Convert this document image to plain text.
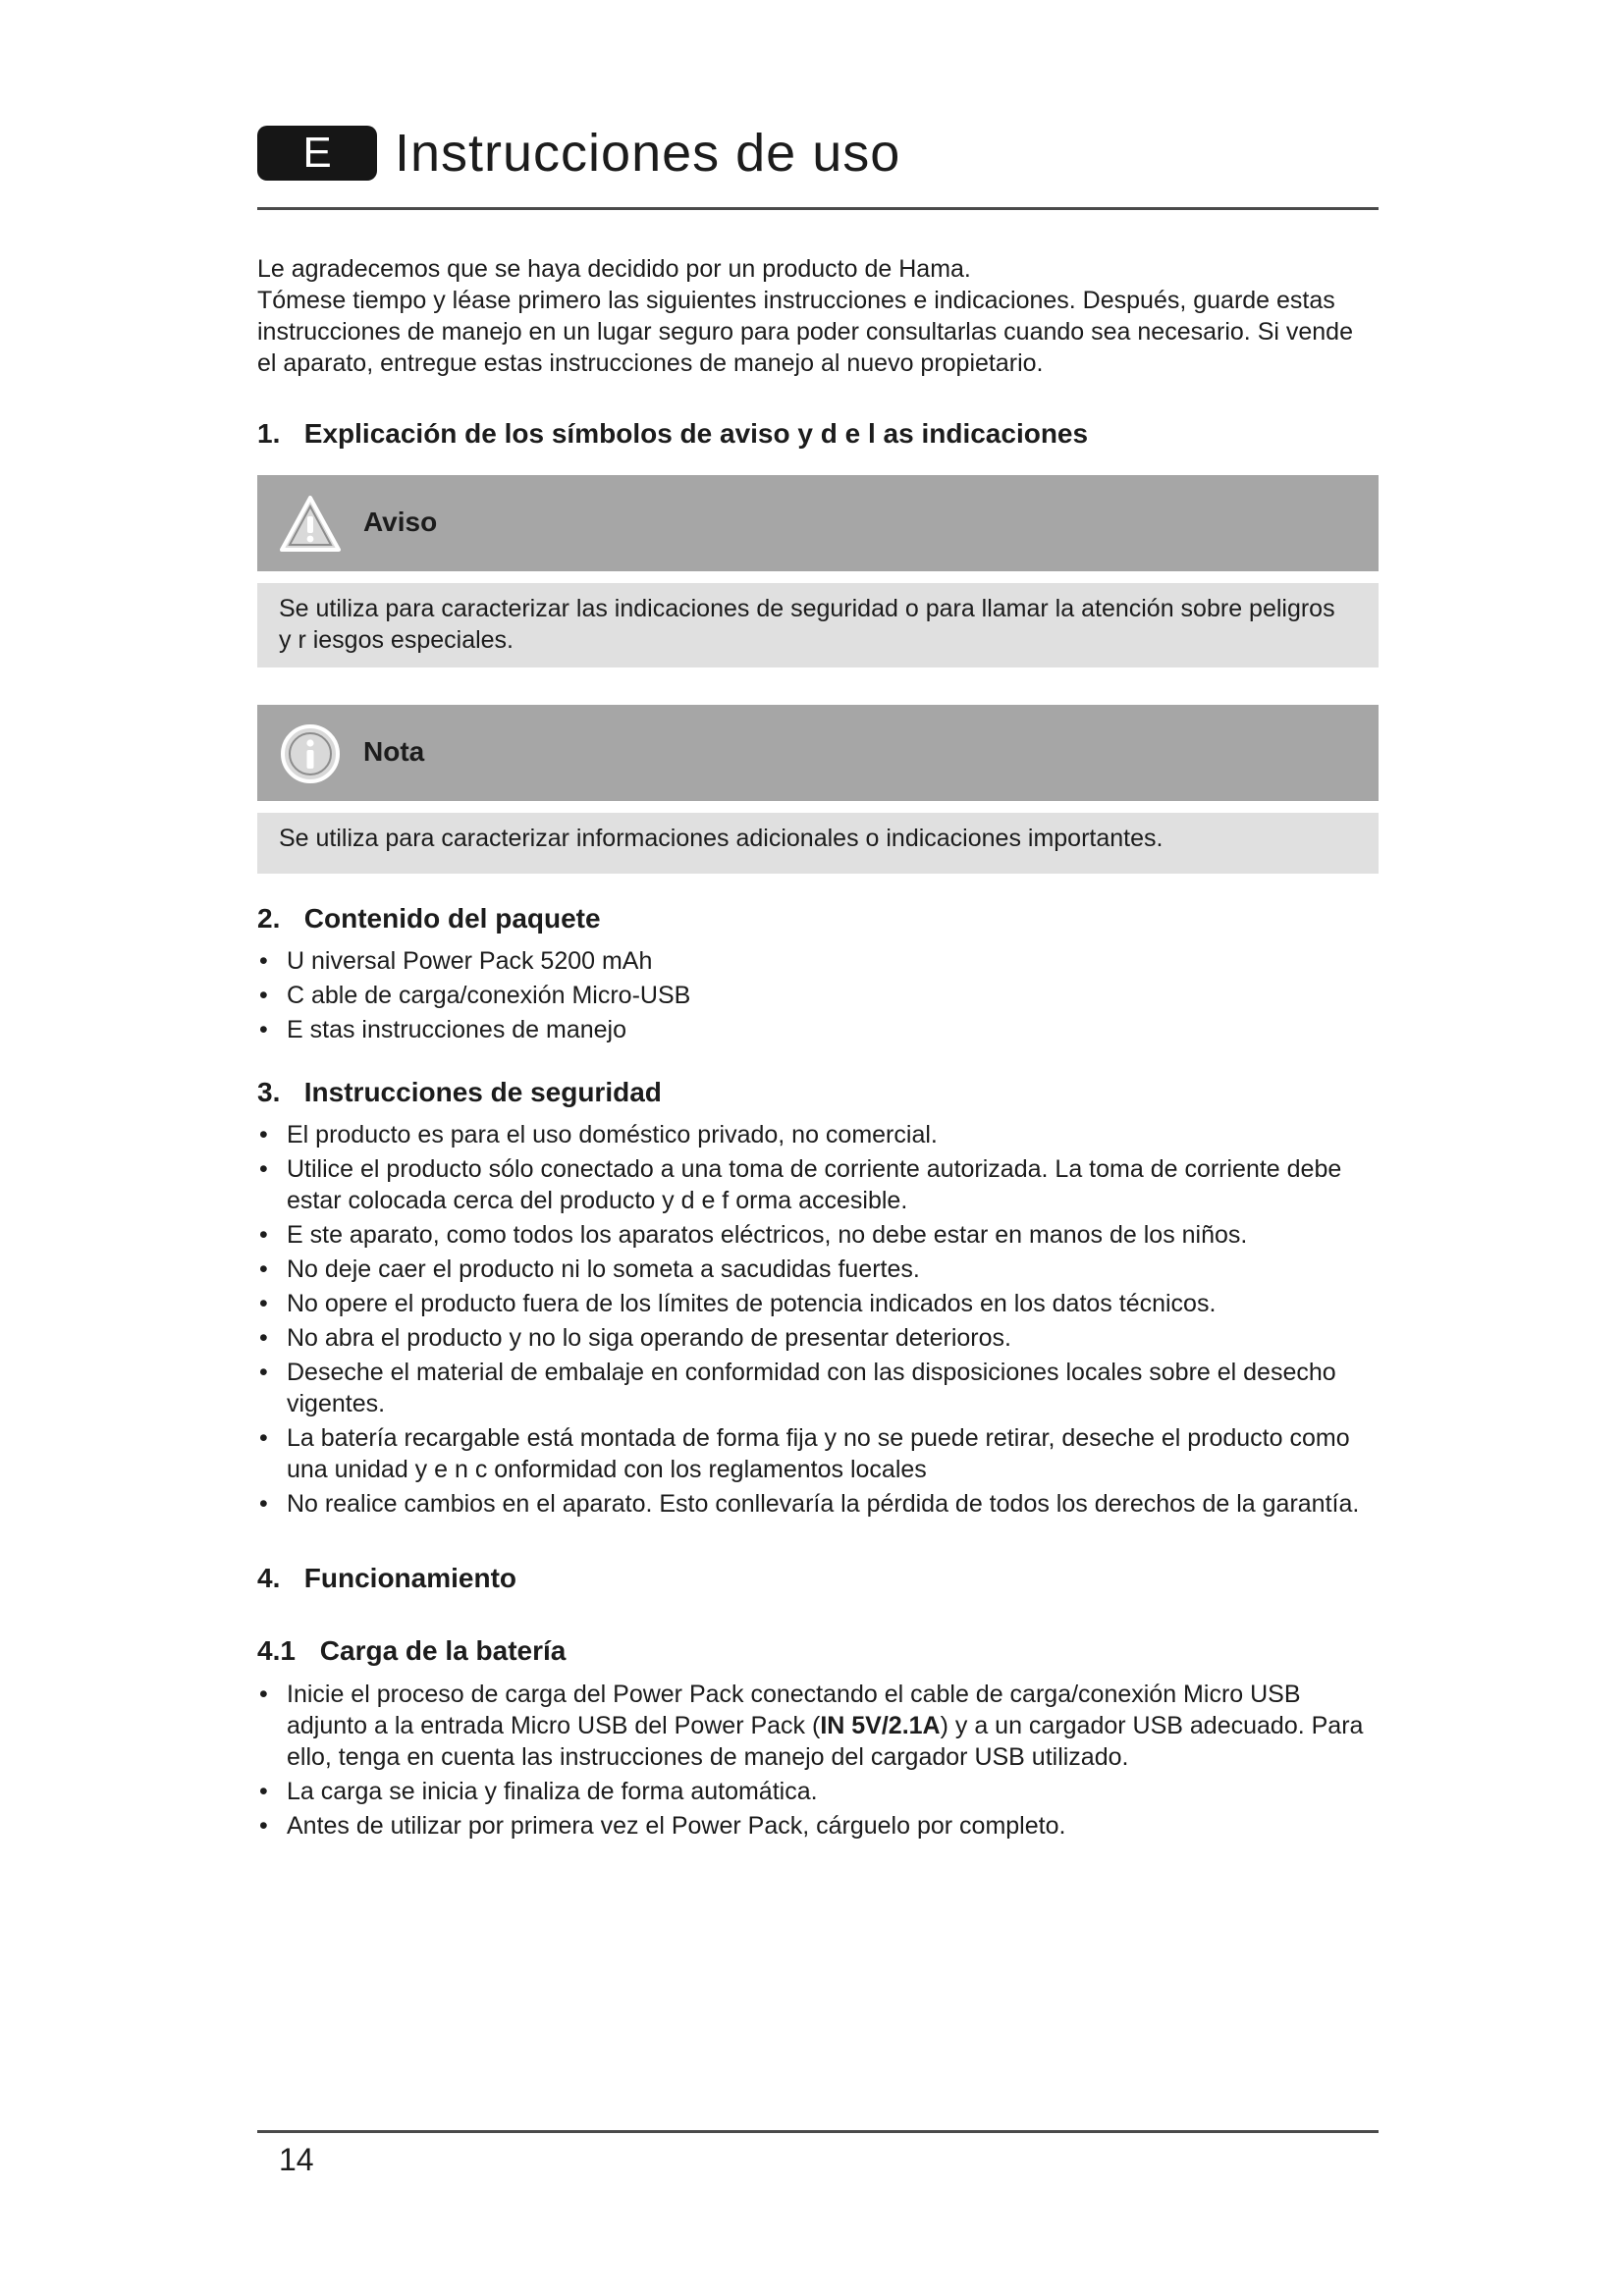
E	Instrucciones de uso

Le agradecemos que se haya decidido por un producto de Hama.

Tómese tiempo y léase primero las siguientes instrucciones e indicaciones. Después, guarde estas instrucciones de manejo en un lugar seguro para poder consultarlas cuando sea necesario. Si vende el aparato, entregue estas instrucciones de manejo al nuevo propietario.

1. Explicación de los símbolos de aviso y d e l as indicaciones
Aviso
Se utiliza para caracterizar las indicaciones de seguridad o para llamar la atención sobre peligros y r iesgos especiales.
Nota
Se utiliza para caracterizar informaciones adicionales o indicaciones importantes.
2. Contenido del paquete
• U niversal Power Pack 5200 mAh
• C able de carga/conexión Micro-USB
• E stas instrucciones de manejo
3. Instrucciones de seguridad
• El producto es para el uso doméstico privado, no comercial.
• Utilice el producto sólo conectado a una toma de corriente autorizada. La toma de corriente debe estar colocada cerca del producto y d e f orma accesible.
• E ste aparato, como todos los aparatos eléctricos, no debe estar en manos de los niños.
• No deje caer el producto ni lo someta a sacudidas fuertes.
• No opere el producto fuera de los límites de potencia indicados en los datos técnicos.
• No abra el producto y no lo siga operando de presentar deterioros.
• Deseche el material de embalaje en conformidad con las disposiciones locales sobre el desecho vigentes.
• La batería recargable está montada de forma fija y no se puede retirar, deseche el producto como una unidad y e n c onformidad con los reglamentos locales
• No realice cambios en el aparato. Esto conllevaría la pérdida de todos los derechos de la garantía.
4. Funcionamiento
4.1 Carga de la batería
• Inicie el proceso de carga del Power Pack conectando el cable de carga/conexión Micro USB adjunto a la entrada Micro USB del Power Pack (IN 5V/2.1A) y a un cargador USB adecuado. Para ello, tenga en cuenta las instrucciones de manejo del cargador USB utilizado.
• La carga se inicia y finaliza de forma automática.
• Antes de utilizar por primera vez el Power Pack, cárguelo por completo.
14
